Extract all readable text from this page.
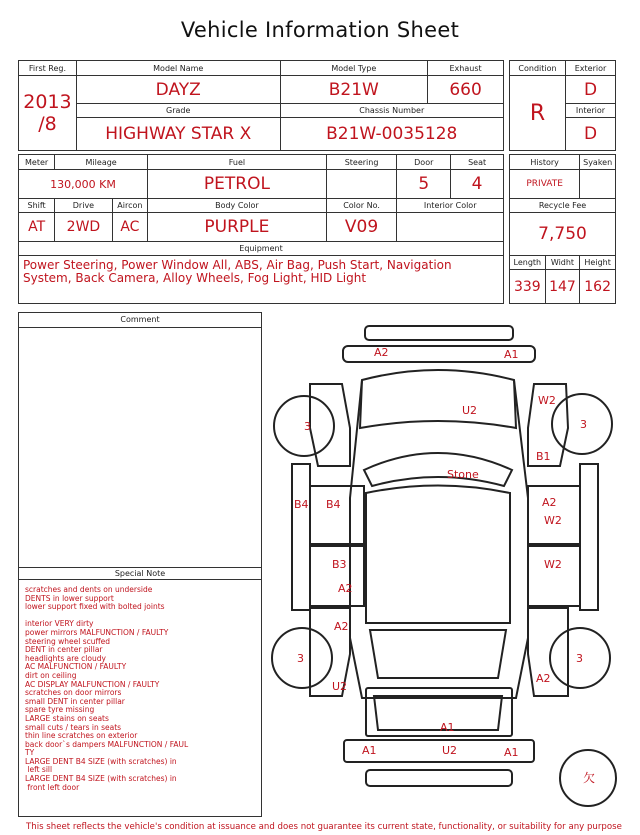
Vehicle Information Sheet
First Reg.	Model Name	Model Type	Exhaust

2013
/8	DAYZ	B21W	660
	Grade	Chassis Number	
	HIGHWAY STAR X	B21W-0035128	
Condition	Exterior
R	D
	Interior
	D
Meter	Mileage		Fuel	Steering	Door	Seat
130,000 KM			PETROL		5	4
Shift	Drive	Aircon	Body Color	Color No.	Interior Color	
AT	2WD	AC	PURPLE	V09		
Equipment						
Power Steering, Power Window All, ABS, Air Bag, Push Start, Navigation System, Back Camera, Alloy Wheels, Fog Light, HID Light						
History		Syaken
PRIVATE		
Recycle Fee		
7,750		
Length	Widht	Height
339	147	162
Comment
Special Note
scratches and dents on underside
DENTS in lower support
lower support fixed with bolted joints
interior VERY dirty
power mirrors MALFUNCTION / FAULTY
steering wheel scuffed
DENT in center pillar
headlights are cloudy
AC MALFUNCTION / FAULTY
dirt on ceiling
AC DISPLAY MALFUNCTION / FAULTY
scratches on door mirrors
small DENT in center pillar
spare tyre missing
LARGE stains on seats
small cuts / tears in seats
thin line scratches on exterior
back door`s dampers MALFUNCTION / FAUL
TY
LARGE DENT B4 SIZE (with scratches) in
left sill
LARGE DENT B4 SIZE (with scratches) in
front left door
A2	A1
U2
W2
3	3
B1
Stone
B4 B4	A2
W2
B3
A2
W2
A2
3	3
U2
A2
A1
U2
A1	A1
欠
This sheet reflects the vehicle's condition at issuance and does not guarantee its current state, functionality, or suitability for any purpose
